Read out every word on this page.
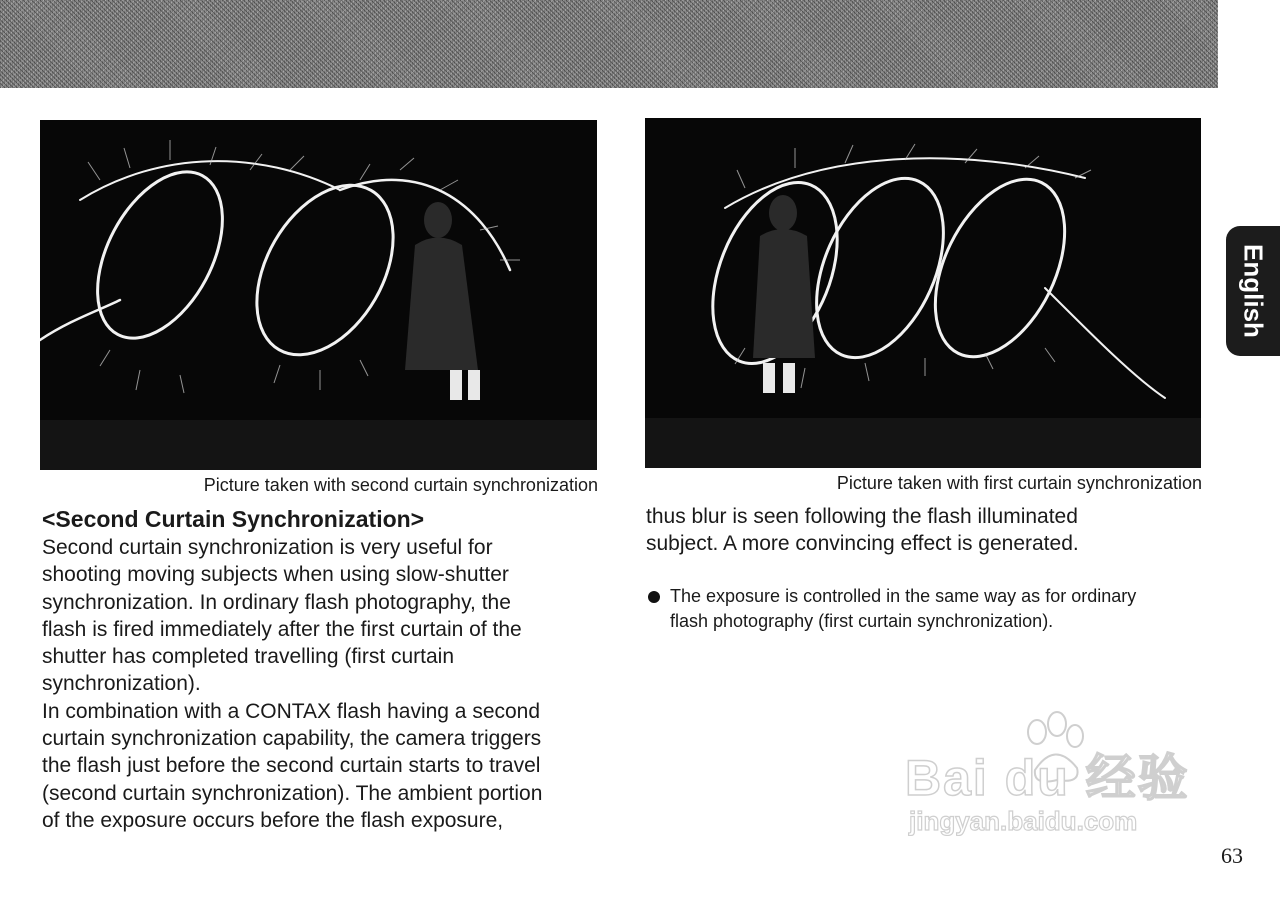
Picture taken with second curtain synchronization	Picture taken with first curtain synchronization
<Second Curtain Synchronization>
Second curtain synchronization is very useful for
shooting moving subjects when using slow-shutter
synchronization. In ordinary flash photography, the
flash is fired immediately after the first curtain of the
shutter has completed travelling (first curtain
synchronization).
In combination with a CONTAX flash having a second
curtain synchronization capability, the camera triggers
the flash just before the second curtain starts to travel
(second curtain synchronization). The ambient portion
of the exposure occurs before the flash exposure,
thus blur is seen following the flash illuminated
subject. A more convincing effect is generated.
The exposure is controlled in the same way as for ordinary
flash photography (first curtain synchronization).
English
Bai du 经验
jingyan.baidu.com
63
